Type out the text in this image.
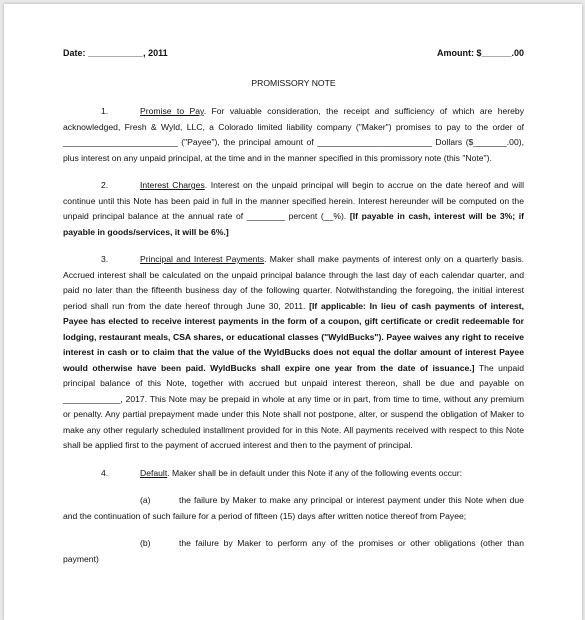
Date: ___________, 2011	Amount: $______.00
PROMISSORY NOTE

1.	Promise to Pay. For valuable consideration, the receipt and sufficiency of which are hereby acknowledged, Fresh & Wyld, LLC, a Colorado limited liability company ("Maker") promises to pay to the order of ________________________ ("Payee"), the principal amount of ________________________ Dollars ($_______.00), plus interest on any unpaid principal, at the time and in the manner specified in this promissory note (this "Note").

2.	Interest Charges. Interest on the unpaid principal will begin to accrue on the date hereof and will continue until this Note has been paid in full in the manner specified herein. Interest hereunder will be computed on the unpaid principal balance at the annual rate of ________ percent (__%). [If payable in cash, interest will be 3%; if payable in goods/services, it will be 6%.]

3.	Principal and Interest Payments. Maker shall make payments of interest only on a quarterly basis. Accrued interest shall be calculated on the unpaid principal balance through the last day of each calendar quarter, and paid no later than the fifteenth business day of the following quarter. Notwithstanding the foregoing, the initial interest period shall run from the date hereof through June 30, 2011. [If applicable: In lieu of cash payments of interest, Payee has elected to receive interest payments in the form of a coupon, gift certificate or credit redeemable for lodging, restaurant meals, CSA shares, or educational classes ("WyldBucks"). Payee waives any right to receive interest in cash or to claim that the value of the WyldBucks does not equal the dollar amount of interest Payee would otherwise have been paid. WyldBucks shall expire one year from the date of issuance.] The unpaid principal balance of this Note, together with accrued but unpaid interest thereon, shall be due and payable on ____________, 2017. This Note may be prepaid in whole at any time or in part, from time to time, without any premium or penalty. Any partial prepayment made under this Note shall not postpone, alter, or suspend the obligation of Maker to make any other regularly scheduled installment provided for in this Note. All payments received with respect to this Note shall be applied first to the payment of accrued interest and then to the payment of principal.

4.	Default. Maker shall be in default under this Note if any of the following events occur:

(a)	the failure by Maker to make any principal or interest payment under this Note when due and the continuation of such failure for a period of fifteen (15) days after written notice thereof from Payee;

(b)	the failure by Maker to perform any of the promises or other obligations (other than payment)
